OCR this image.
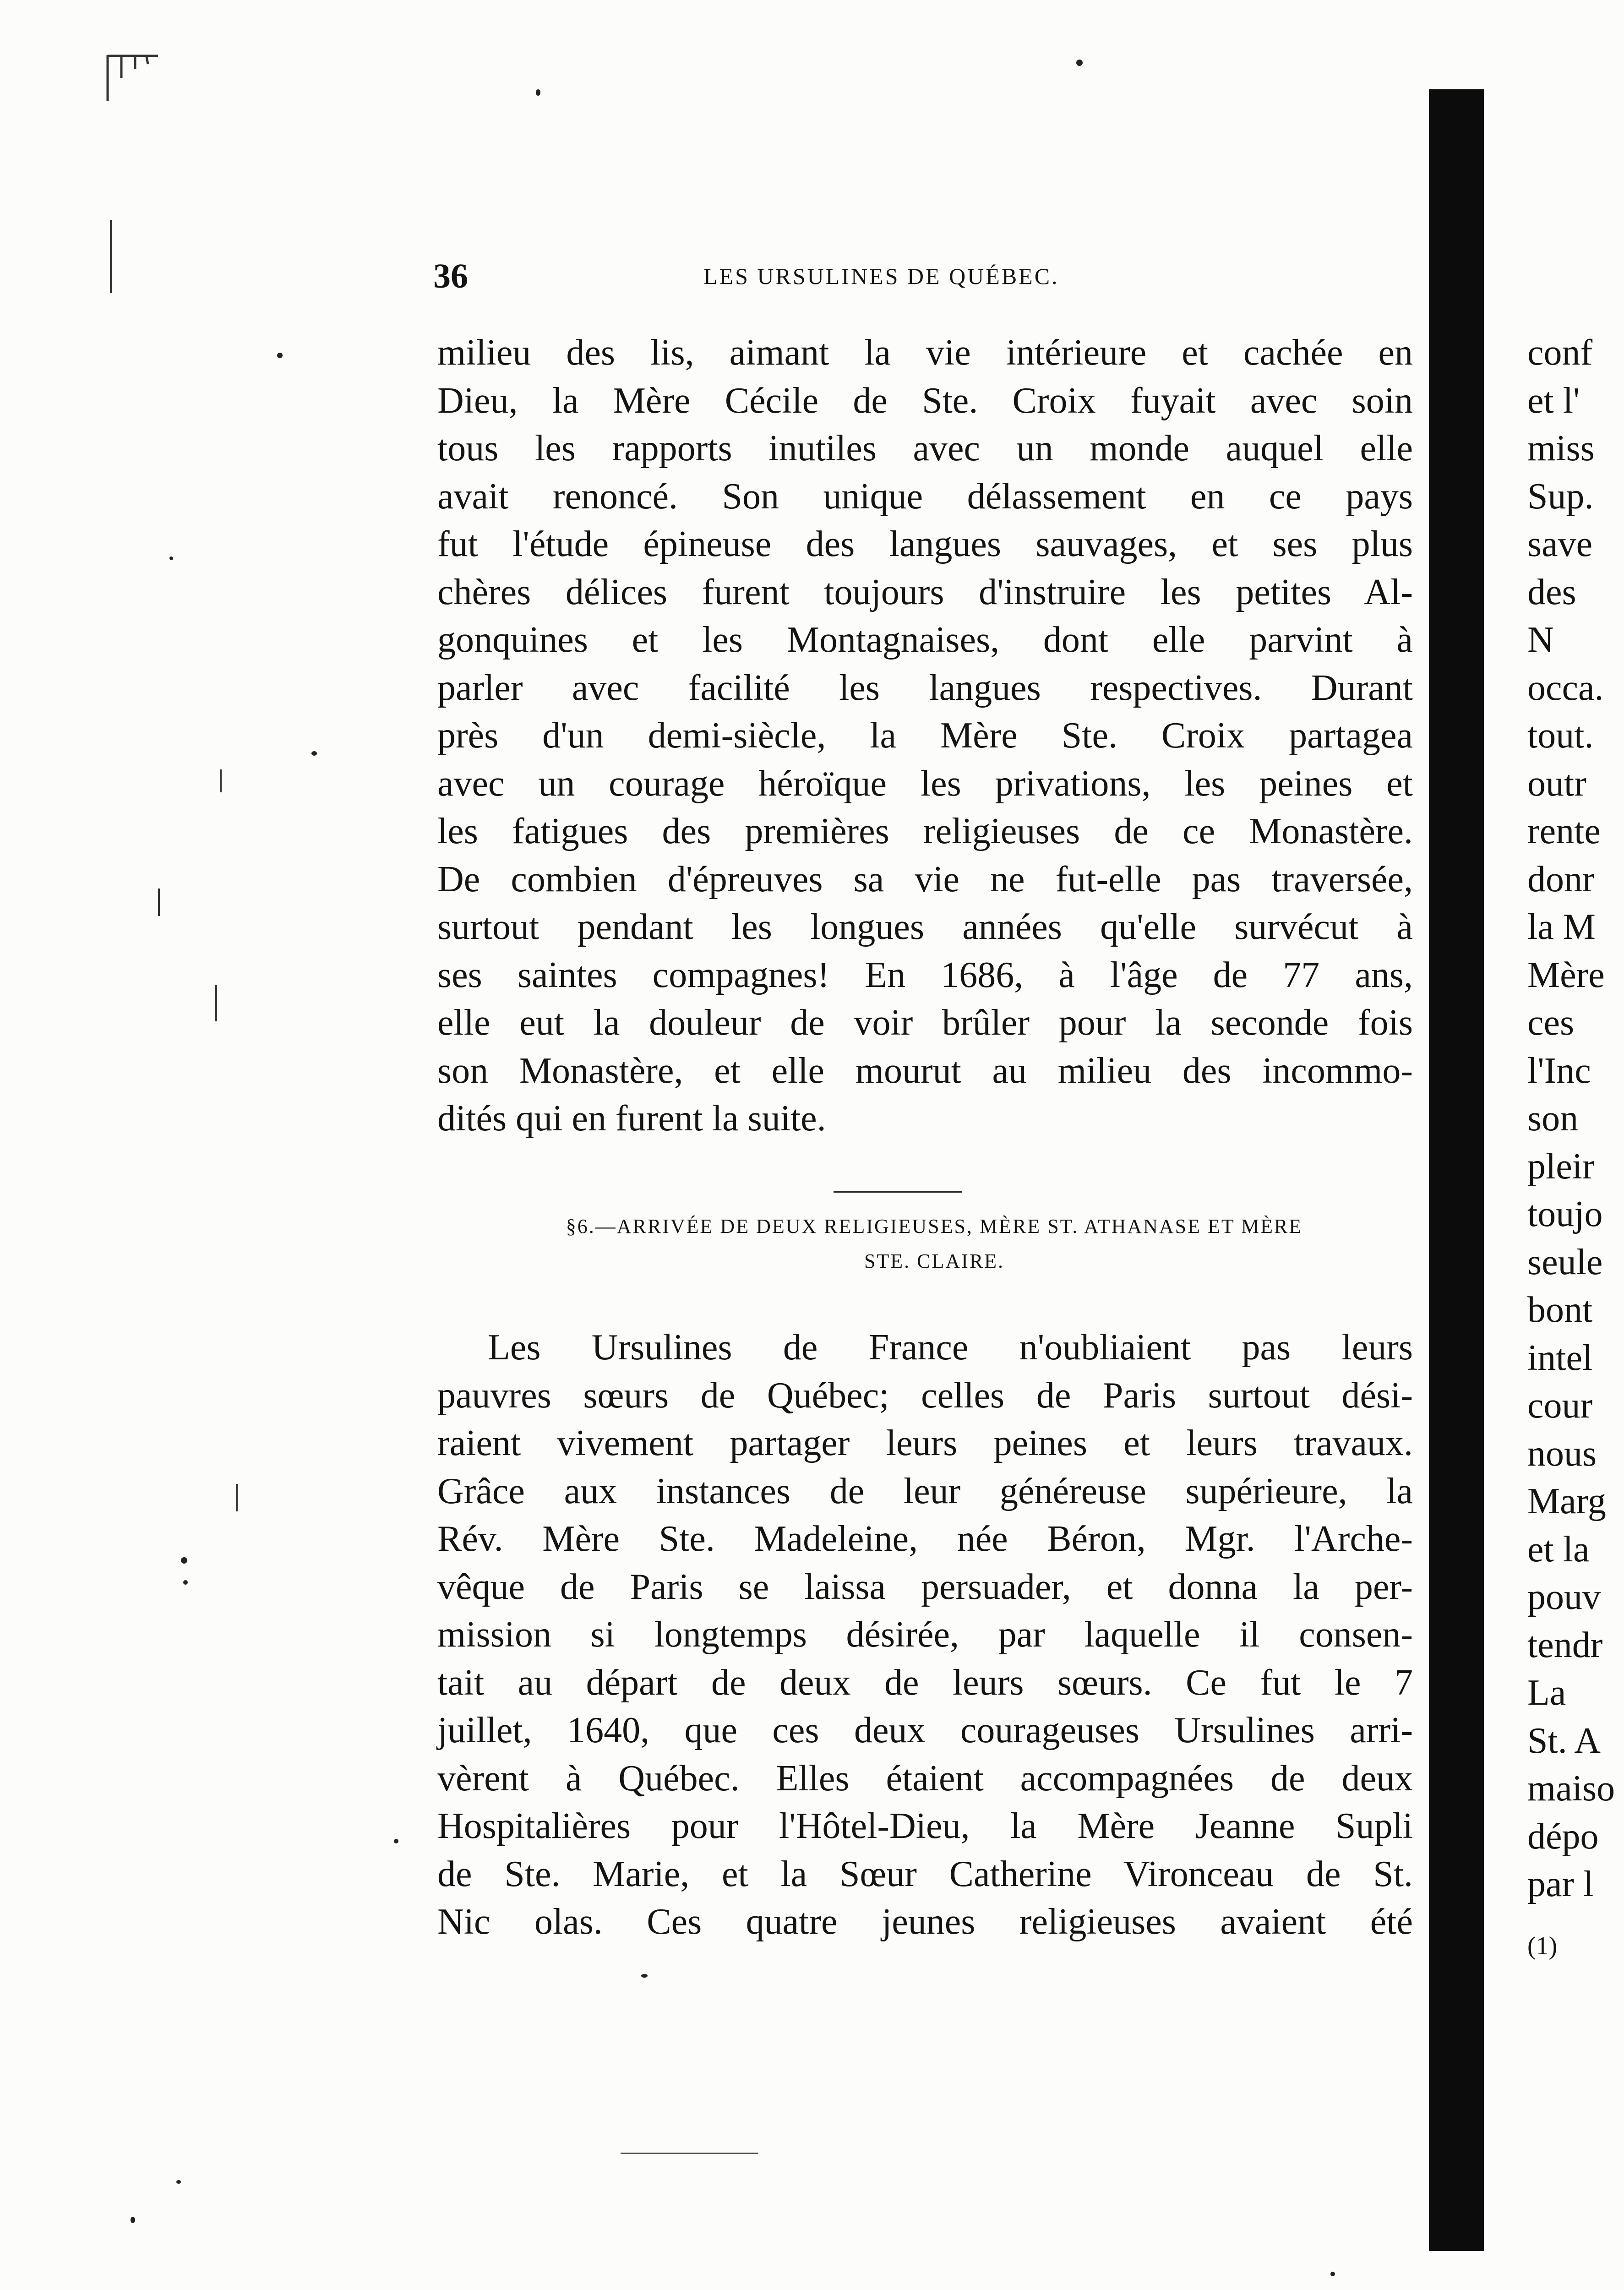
36	LES URSULINES DE QUÉBEC.
milieu des lis, aimant la vie intérieure et cachée en
Dieu, la Mère Cécile de Ste. Croix fuyait avec soin
tous les rapports inutiles avec un monde auquel elle
avait renoncé. Son unique délassement en ce pays
fut l'étude épineuse des langues sauvages, et ses plus
chères délices furent toujours d'instruire les petites Al-
gonquines et les Montagnaises, dont elle parvint à
parler avec facilité les langues respectives. Durant
près d'un demi-siècle, la Mère Ste. Croix partagea
avec un courage héroïque les privations, les peines et
les fatigues des premières religieuses de ce Monastère.
De combien d'épreuves sa vie ne fut-elle pas traversée,
surtout pendant les longues années qu'elle survécut à
ses saintes compagnes! En 1686, à l'âge de 77 ans,
elle eut la douleur de voir brûler pour la seconde fois
son Monastère, et elle mourut au milieu des incommo-
dités qui en furent la suite.
§6.—ARRIVÉE DE DEUX RELIGIEUSES, MÈRE ST. ATHANASE ET MÈRE
STE. CLAIRE.
Les Ursulines de France n'oubliaient pas leurs
pauvres sœurs de Québec; celles de Paris surtout dési-
raient vivement partager leurs peines et leurs travaux.
Grâce aux instances de leur généreuse supérieure, la
Rév. Mère Ste. Madeleine, née Béron, Mgr. l'Arche-
vêque de Paris se laissa persuader, et donna la per-
mission si longtemps désirée, par laquelle il consen-
tait au départ de deux de leurs sœurs. Ce fut le 7
juillet, 1640, que ces deux courageuses Ursulines arri-
vèrent à Québec. Elles étaient accompagnées de deux
Hospitalières pour l'Hôtel-Dieu, la Mère Jeanne Supli
de Ste. Marie, et la Sœur Catherine Vironceau de St.
Nic olas. Ces quatre jeunes religieuses avaient été
conf
et l'
miss
Sup.
save
des
N
occa.
tout.
outr
rente
donr
la M
Mère
ces
l'Inc
son
pleir
toujo
seule
bont
intel
cour
nous
Marg
et la
pouv
tendr
La
St. A
maiso
dépo
par l
(1)
